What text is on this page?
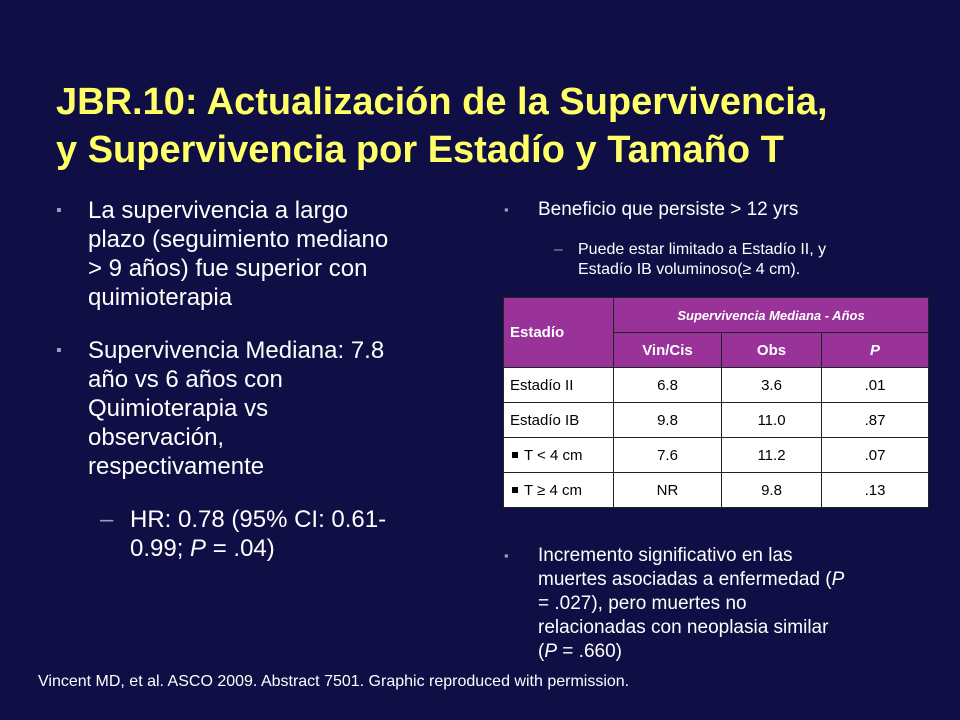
JBR.10: Actualización de la Supervivencia,
y Supervivencia por Estadío y Tamaño T
▪ La supervivencia a largo
plazo (seguimiento mediano
> 9 años) fue superior con
quimioterapia
▪ Supervivencia Mediana: 7.8
año vs 6 años con
Quimioterapia vs
observación,
respectivamente
– HR: 0.78 (95% CI: 0.61-
0.99; P = .04)
▪ Beneficio que persiste > 12 yrs
– Puede estar limitado a Estadío II, y
Estadío IB voluminoso(≥ 4 cm).
Estadío	Supervivencia Mediana - Años		
	Vin/Cis	Obs	P
Estadío II	6.8	3.6	.01
Estadío IB	9.8	11.0	.87
T < 4 cm	7.6	11.2	.07
T ≥ 4 cm	NR	9.8	.13
▪ Incremento significativo en las
muertes asociadas a enfermedad (P
= .027), pero muertes no
relacionadas con neoplasia similar
(P = .660)
Vincent MD, et al. ASCO 2009. Abstract 7501. Graphic reproduced with permission.
